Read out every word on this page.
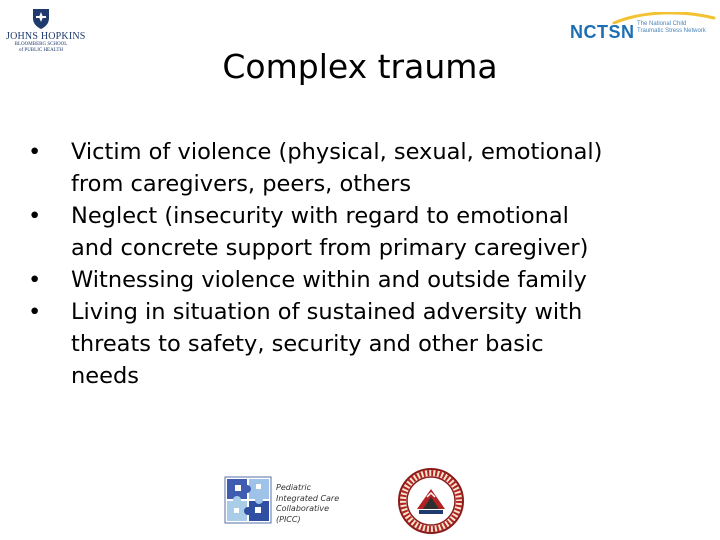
JOHNS HOPKINS
BLOOMBERG SCHOOL
of PUBLIC HEALTH
NCTSN The National Child
Traumatic Stress Network
Complex trauma
• Victim of violence (physical, sexual, emotional)
from caregivers, peers, others
• Neglect (insecurity with regard to emotional
and concrete support from primary caregiver)
• Witnessing violence within and outside family
• Living in situation of sustained adversity with
threats to safety, security and other basic
needs
Pediatric
Integrated Care
Collaborative
(PICC)
